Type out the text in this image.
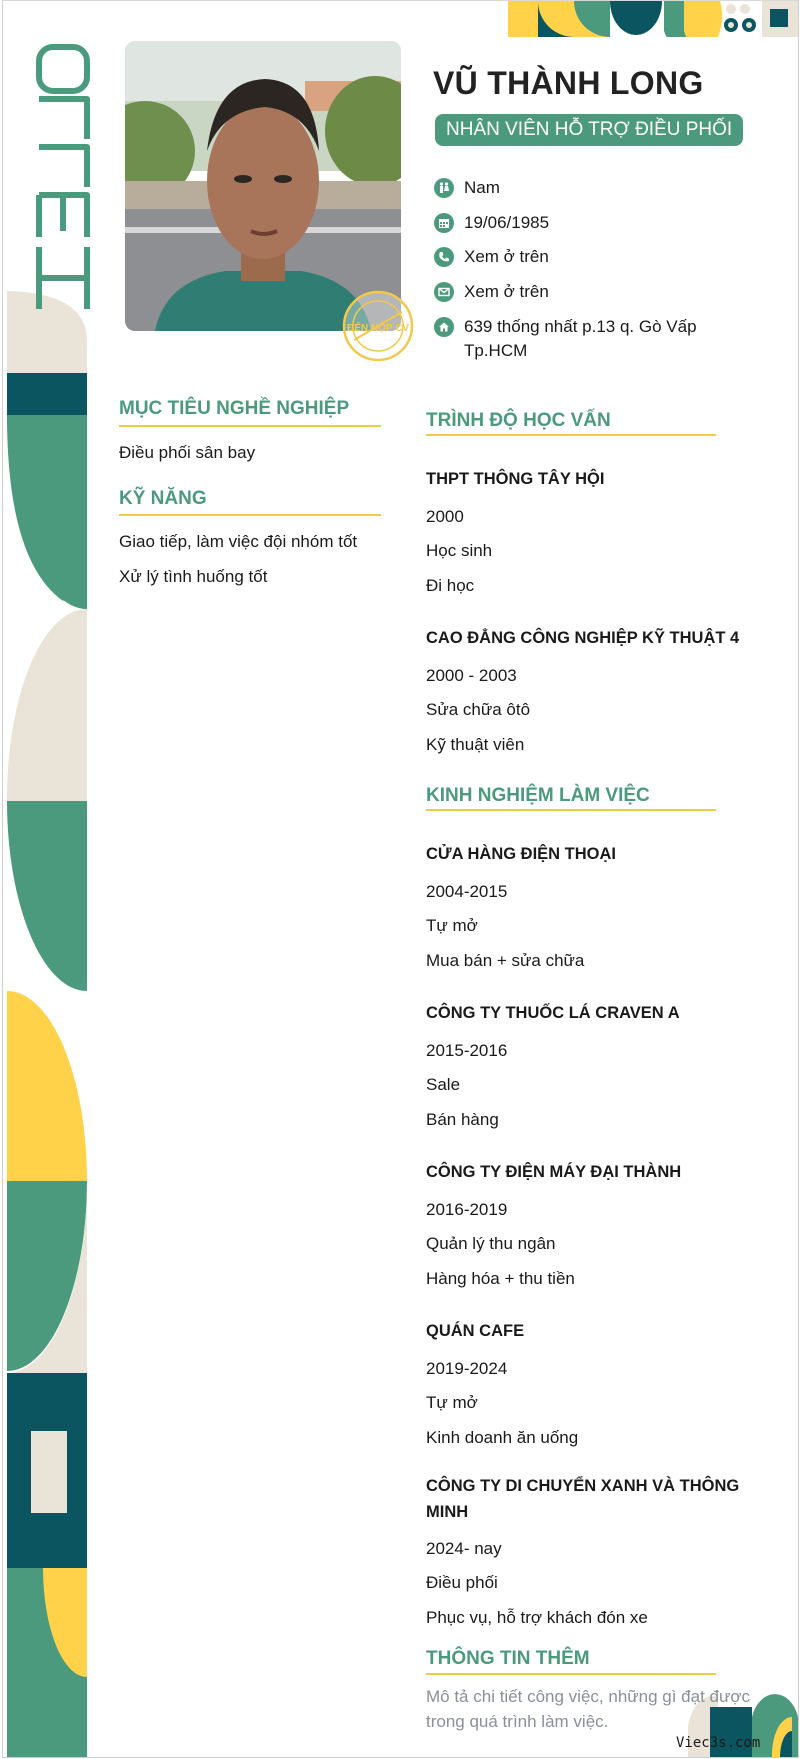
ĐẾN NỘP CV
VŨ THÀNH LONG
NHÂN VIÊN HỖ TRỢ ĐIỀU PHỐI
Nam
19/06/1985
Xem ở trên
Xem ở trên
639 thống nhất p.13 q. Gò Vấp
Tp.HCM
MỤC TIÊU NGHỀ NGHIỆP
Điều phối sân bay
KỸ NĂNG
Giao tiếp, làm việc đội nhóm tốt
Xử lý tình huống tốt
TRÌNH ĐỘ HỌC VẤN
THPT THÔNG TÂY HỘI
2000
Học sinh
Đi học
CAO ĐẲNG CÔNG NGHIỆP KỸ THUẬT 4
2000 - 2003
Sửa chữa ôtô
Kỹ thuật viên
KINH NGHIỆM LÀM VIỆC
CỬA HÀNG ĐIỆN THOẠI
2004-2015
Tự mở
Mua bán + sửa chữa
CÔNG TY THUỐC LÁ CRAVEN A
2015-2016
Sale
Bán hàng
CÔNG TY ĐIỆN MÁY ĐẠI THÀNH
2016-2019
Quản lý thu ngân
Hàng hóa + thu tiền
QUÁN CAFE
2019-2024
Tự mở
Kinh doanh ăn uống
CÔNG TY DI CHUYỂN XANH VÀ THÔNG
MINH
2024- nay
Điều phối
Phục vụ, hỗ trợ khách đón xe
THÔNG TIN THÊM
Mô tả chi tiết công việc, những gì đạt được
trong quá trình làm việc.
Viec3s.com
